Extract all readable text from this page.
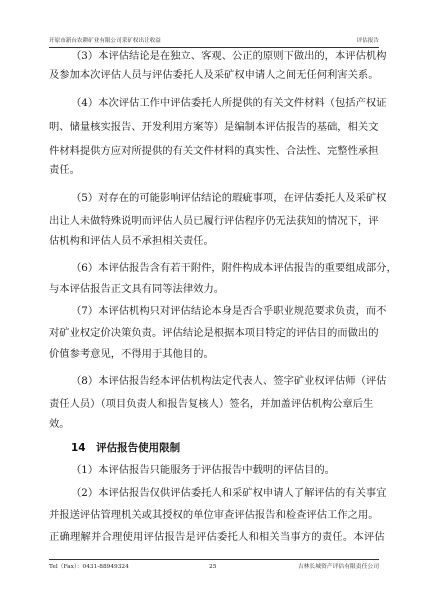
开原市新台农耕矿业有限公司采矿权出让收益	评估报告
（3）本评估结论是在独立、客观、公正的原则下做出的，本评估机构
及参加本次评估人员与评估委托人及采矿权申请人之间无任何利害关系。
（4）本次评估工作中评估委托人所提供的有关文件材料（包括产权证
明、储量核实报告、开发利用方案等）是编制本评估报告的基础，相关文
件材料提供方应对所提供的有关文件材料的真实性、合法性、完整性承担
责任。
（5）对存在的可能影响评估结论的瑕疵事项，在评估委托人及采矿权
出让人未做特殊说明而评估人员已履行评估程序仍无法获知的情况下，评
估机构和评估人员不承担相关责任。
（6）本评估报告含有若干附件，附件构成本评估报告的重要组成部分，
与本评估报告正文具有同等法律效力。
（7）本评估机构只对评估结论本身是否合乎职业规范要求负责，而不
对矿业权定价决策负责。评估结论是根据本项目特定的评估目的而做出的
价值参考意见，不得用于其他目的。
（8）本评估报告经本评估机构法定代表人、签字矿业权评估师（评估
责任人员）（项目负责人和报告复核人）签名，并加盖评估机构公章后生
效。
14　评估报告使用限制
（1）本评估报告只能服务于评估报告中载明的评估目的。
（2）本评估报告仅供评估委托人和采矿权申请人了解评估的有关事宜
并报送评估管理机关或其授权的单位审查评估报告和检查评估工作之用。
正确理解并合理使用评估报告是评估委托人和相关当事方的责任。本评估
Tel（Fax）：0431-88949324	25	吉林长城资产评估有限责任公司
